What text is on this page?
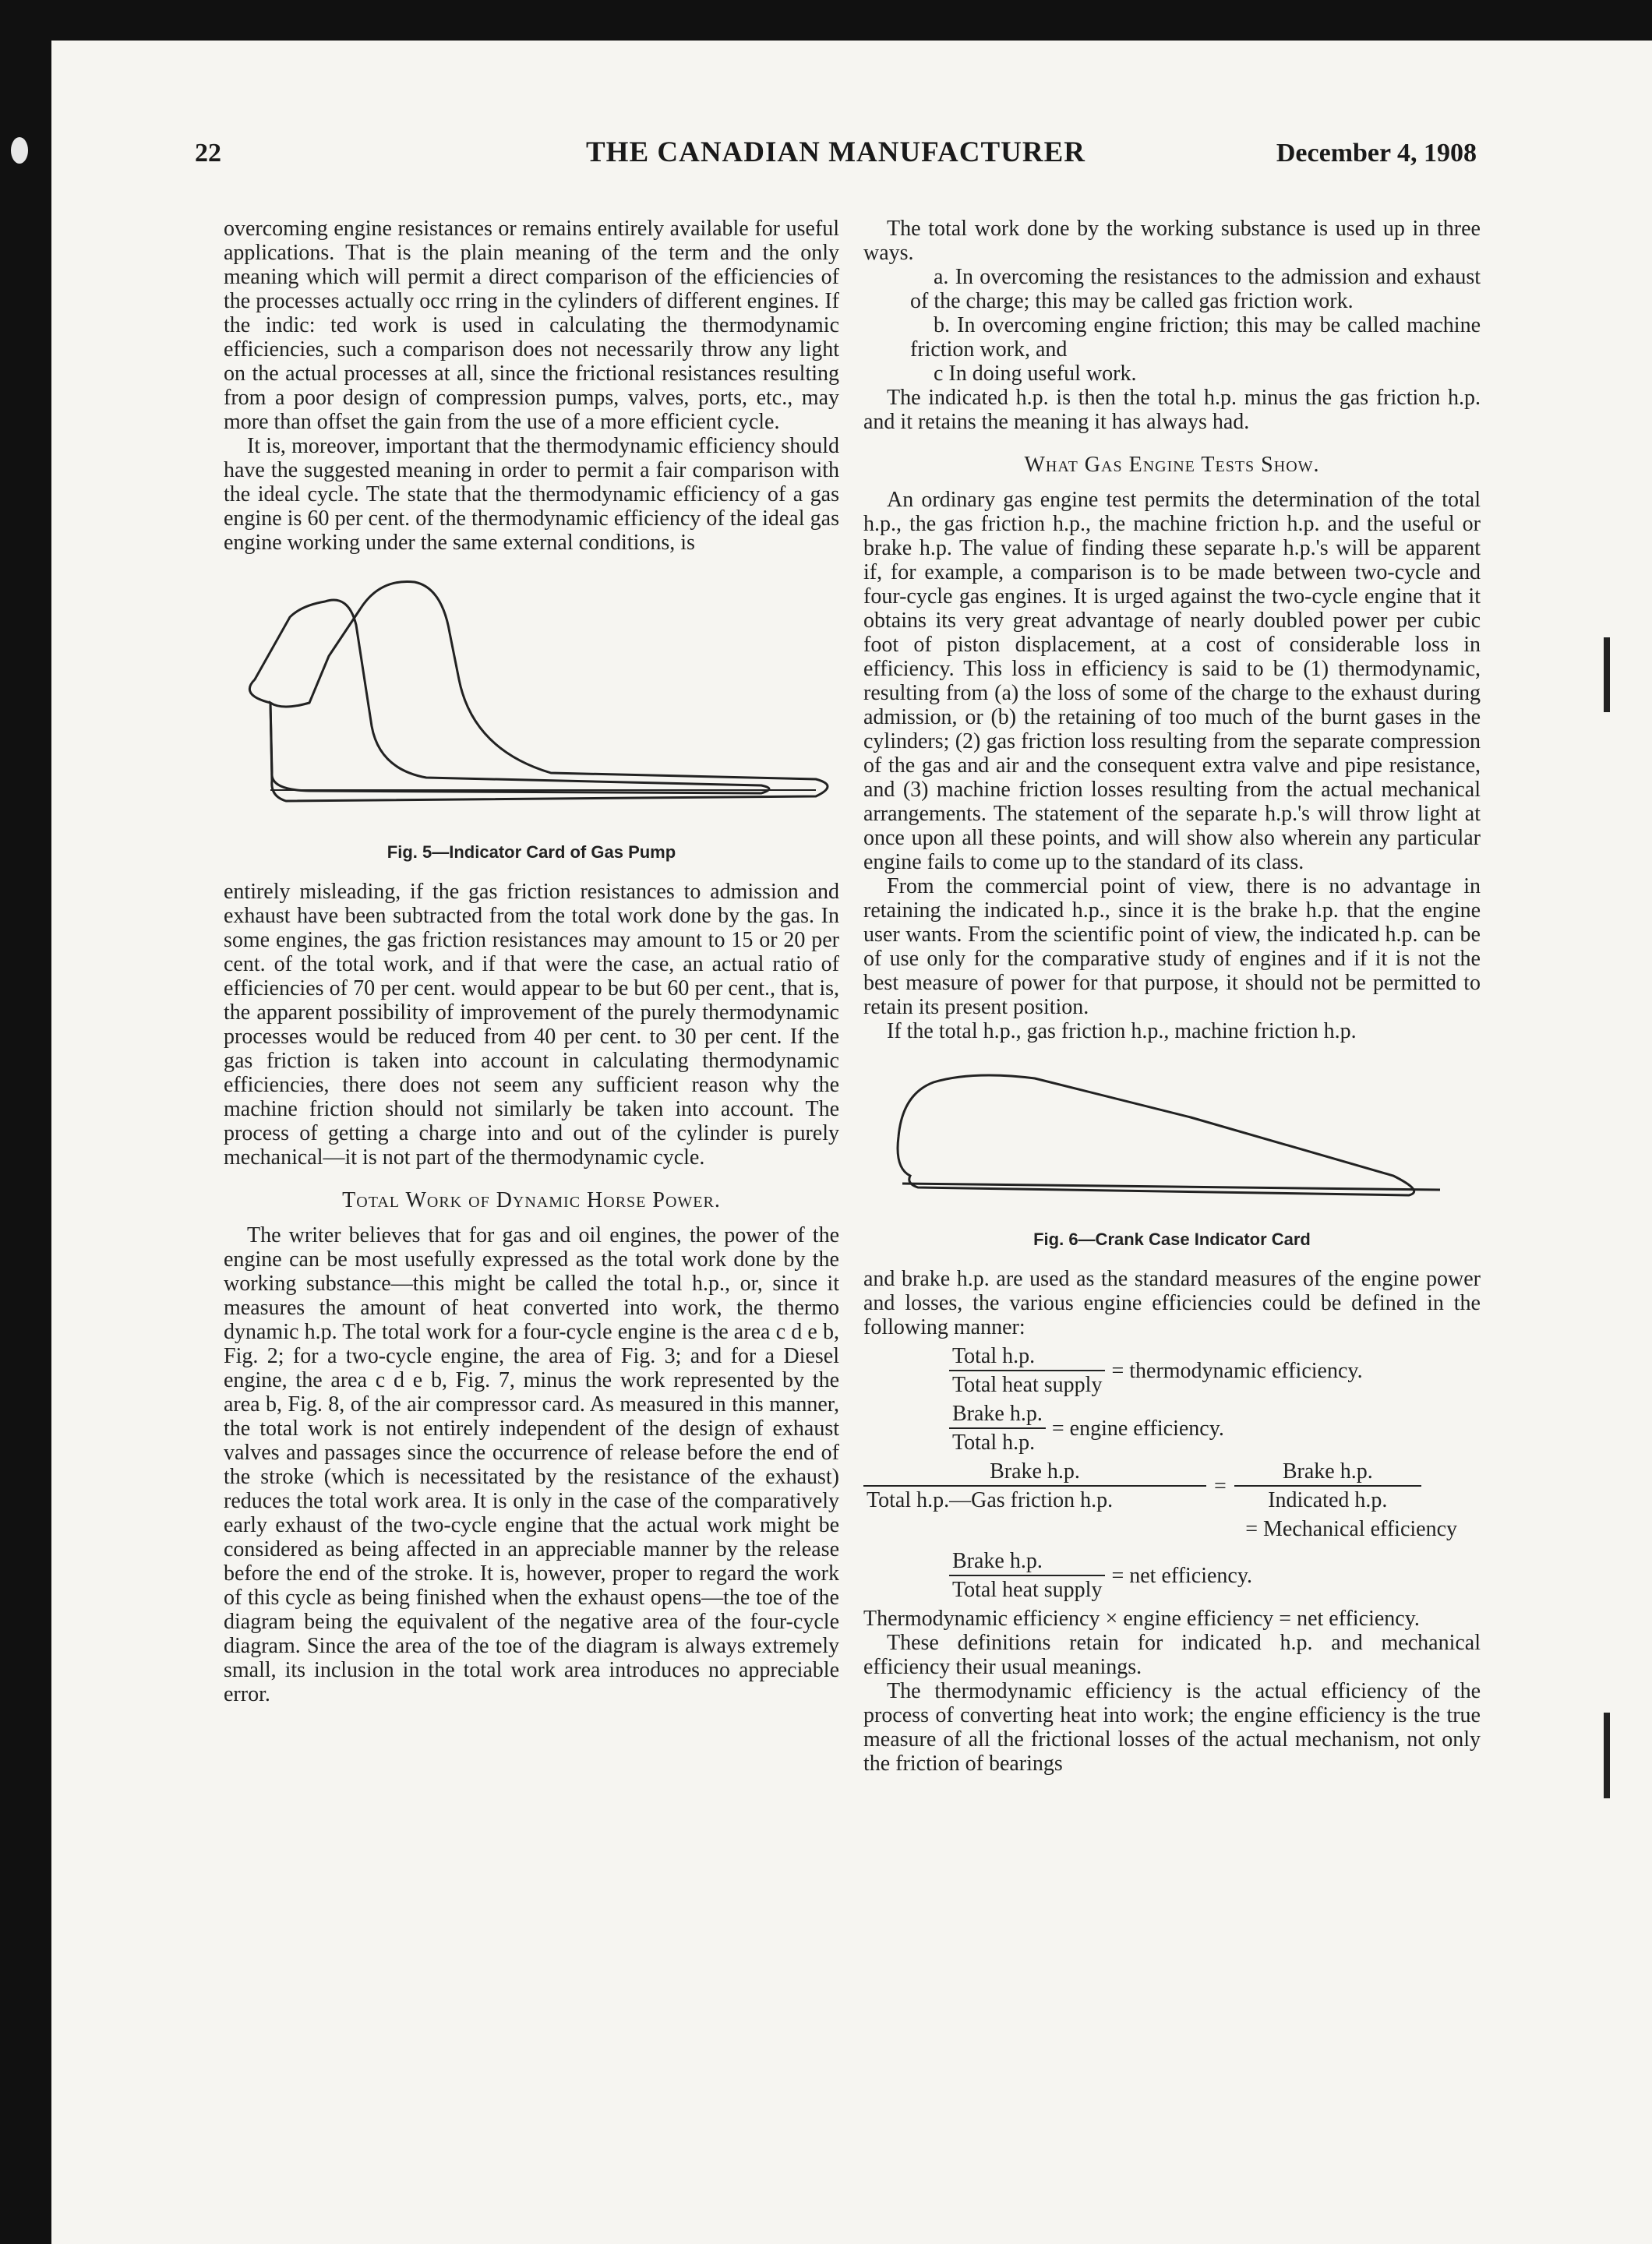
22	THE CANADIAN MANUFACTURER	December 4, 1908

overcoming engine resistances or remains entirely available for useful applications. That is the plain meaning of the term and the only meaning which will permit a direct comparison of the efficiencies of the processes actually occ rring in the cylinders of different engines. If the indic: ted work is used in calculating the thermodynamic efficiencies, such a comparison does not necessarily throw any light on the actual processes at all, since the frictional resistances resulting from a poor design of compression pumps, valves, ports, etc., may more than offset the gain from the use of a more efficient cycle.

It is, moreover, important that the thermodynamic efficiency should have the suggested meaning in order to permit a fair comparison with the ideal cycle. The state that the thermodynamic efficiency of a gas engine is 60 per cent. of the thermodynamic efficiency of the ideal gas engine working under the same external conditions, is

Fig. 5—Indicator Card of Gas Pump

entirely misleading, if the gas friction resistances to admission and exhaust have been subtracted from the total work done by the gas. In some engines, the gas friction resistances may amount to 15 or 20 per cent. of the total work, and if that were the case, an actual ratio of efficiencies of 70 per cent. would appear to be but 60 per cent., that is, the apparent possibility of improvement of the purely thermodynamic processes would be reduced from 40 per cent. to 30 per cent. If the gas friction is taken into account in calculating thermodynamic efficiencies, there does not seem any sufficient reason why the machine friction should not similarly be taken into account. The process of getting a charge into and out of the cylinder is purely mechanical—it is not part of the thermodynamic cycle.

Total Work of Dynamic Horse Power.

The writer believes that for gas and oil engines, the power of the engine can be most usefully expressed as the total work done by the working substance—this might be called the total h.p., or, since it measures the amount of heat converted into work, the thermo dynamic h.p. The total work for a four-cycle engine is the area c d e b, Fig. 2; for a two-cycle engine, the area of Fig. 3; and for a Diesel engine, the area c d e b, Fig. 7, minus the work represented by the area b, Fig. 8, of the air compressor card. As measured in this manner, the total work is not entirely independent of the design of exhaust valves and passages since the occurrence of release before the end of the stroke (which is necessitated by the resistance of the exhaust) reduces the total work area. It is only in the case of the comparatively early exhaust of the two-cycle engine that the actual work might be considered as being affected in an appreciable manner by the release before the end of the stroke. It is, however, proper to regard the work of this cycle as being finished when the exhaust opens—the toe of the diagram being the equivalent of the negative area of the four-cycle diagram. Since the area of the toe of the diagram is always extremely small, its inclusion in the total work area introduces no appreciable error.

The total work done by the working substance is used up in three ways.

a. In overcoming the resistances to the admission and exhaust of the charge; this may be called gas friction work.

b. In overcoming engine friction; this may be called machine friction work, and

c In doing useful work.

The indicated h.p. is then the total h.p. minus the gas friction h.p. and it retains the meaning it has always had.

What Gas Engine Tests Show.

An ordinary gas engine test permits the determination of the total h.p., the gas friction h.p., the machine friction h.p. and the useful or brake h.p. The value of finding these separate h.p.'s will be apparent if, for example, a comparison is to be made between two-cycle and four-cycle gas engines. It is urged against the two-cycle engine that it obtains its very great advantage of nearly doubled power per cubic foot of piston displacement, at a cost of considerable loss in efficiency. This loss in efficiency is said to be (1) thermodynamic, resulting from (a) the loss of some of the charge to the exhaust during admission, or (b) the retaining of too much of the burnt gases in the cylinders; (2) gas friction loss resulting from the separate compression of the gas and air and the consequent extra valve and pipe resistance, and (3) machine friction losses resulting from the actual mechanical arrangements. The statement of the separate h.p.'s will throw light at once upon all these points, and will show also wherein any particular engine fails to come up to the standard of its class.

From the commercial point of view, there is no advantage in retaining the indicated h.p., since it is the brake h.p. that the engine user wants. From the scientific point of view, the indicated h.p. can be of use only for the comparative study of engines and if it is not the best measure of power for that purpose, it should not be permitted to retain its present position.

If the total h.p., gas friction h.p., machine friction h.p.

Fig. 6—Crank Case Indicator Card

and brake h.p. are used as the standard measures of the engine power and losses, the various engine efficiencies could be defined in the following manner:

$\frac{\text{Total h.p.}}{\text{Total heat supply}}$ = thermodynamic efficiency.
$\frac{\text{Brake h.p.}}{\text{Total h.p.}}$ = engine efficiency.
$\frac{\text{Brake h.p.}}{\text{Total h.p.—Gas friction h.p.}} = \frac{\text{Brake h.p.}}{\text{Indicated h.p.}}$
= Mechanical efficiency
$\frac{\text{Brake h.p.}}{\text{Total heat supply}}$ = net efficiency.

Thermodynamic efficiency × engine efficiency = net efficiency.

These definitions retain for indicated h.p. and mechanical efficiency their usual meanings.

The thermodynamic efficiency is the actual efficiency of the process of converting heat into work; the engine efficiency is the true measure of all the frictional losses of the actual mechanism, not only the friction of bearings
